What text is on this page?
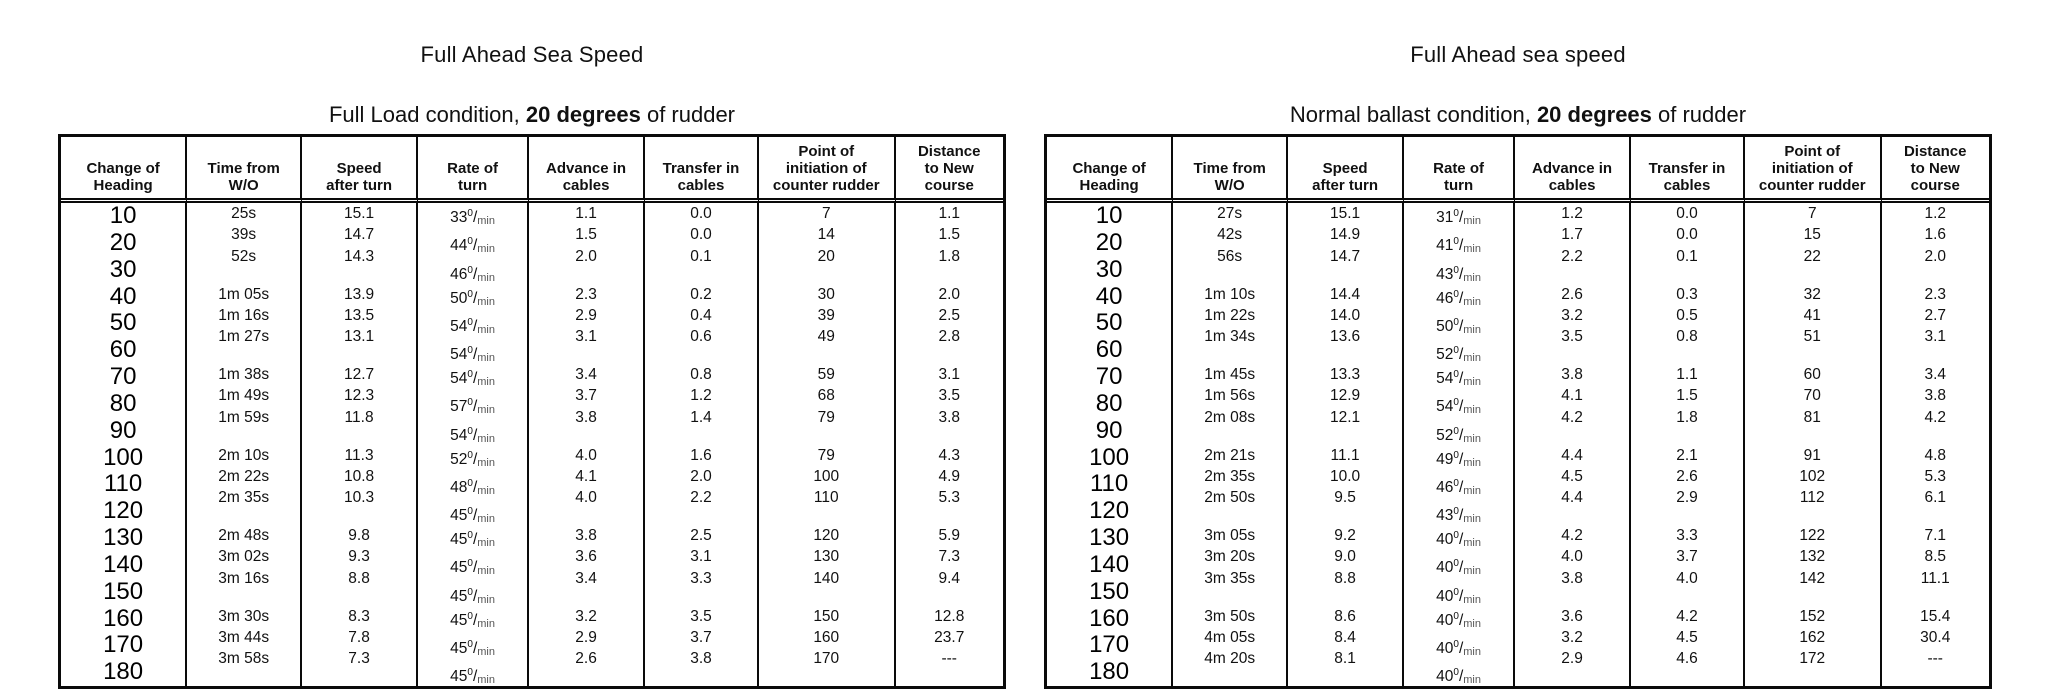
Full Ahead Sea Speed
Full Load condition, 20 degrees of rudder
Change of
Heading
Time from
W/O
Speed
after turn
Rate of
turn
Advance in
cables
Transfer in
cables
Point of
initiation of
counter rudder
Distance
to New
course
10
20
30
25s
39s
52s
15.1
14.7
14.3
$33^0/\min$
$44^0/\min$
$46^0/\min$
1.1
1.5
2.0
0.0
0.0
0.1
7
14
20
1.1
1.5
1.8
40
50
60
1m 05s
1m 16s
1m 27s
13.9
13.5
13.1
$50^0/\min$
$54^0/\min$
$54^0/\min$
2.3
2.9
3.1
0.2
0.4
0.6
30
39
49
2.0
2.5
2.8
70
80
90
1m 38s
1m 49s
1m 59s
12.7
12.3
11.8
$54^0/\min$
$57^0/\min$
$54^0/\min$
3.4
3.7
3.8
0.8
1.2
1.4
59
68
79
3.1
3.5
3.8
100
110
120
2m 10s
2m 22s
2m 35s
11.3
10.8
10.3
$52^0/\min$
$48^0/\min$
$45^0/\min$
4.0
4.1
4.0
1.6
2.0
2.2
79
100
110
4.3
4.9
5.3
130
140
150
2m 48s
3m 02s
3m 16s
9.8
9.3
8.8
$45^0/\min$
$45^0/\min$
$45^0/\min$
3.8
3.6
3.4
2.5
3.1
3.3
120
130
140
5.9
7.3
9.4
160
170
180
3m 30s
3m 44s
3m 58s
8.3
7.8
7.3
$45^0/\min$
$45^0/\min$
$45^0/\min$
3.2
2.9
2.6
3.5
3.7
3.8
150
160
170
12.8
23.7
---
Full Ahead sea speed
Normal ballast condition, 20 degrees of rudder
Change of
Heading
Time from
W/O
Speed
after turn
Rate of
turn
Advance in
cables
Transfer in
cables
Point of
initiation of
counter rudder
Distance
to New
course
10
20
30
27s
42s
56s
15.1
14.9
14.7
$31^0/\min$
$41^0/\min$
$43^0/\min$
1.2
1.7
2.2
0.0
0.0
0.1
7
15
22
1.2
1.6
2.0
40
50
60
1m 10s
1m 22s
1m 34s
14.4
14.0
13.6
$46^0/\min$
$50^0/\min$
$52^0/\min$
2.6
3.2
3.5
0.3
0.5
0.8
32
41
51
2.3
2.7
3.1
70
80
90
1m 45s
1m 56s
2m 08s
13.3
12.9
12.1
$54^0/\min$
$54^0/\min$
$52^0/\min$
3.8
4.1
4.2
1.1
1.5
1.8
60
70
81
3.4
3.8
4.2
100
110
120
2m 21s
2m 35s
2m 50s
11.1
10.0
9.5
$49^0/\min$
$46^0/\min$
$43^0/\min$
4.4
4.5
4.4
2.1
2.6
2.9
91
102
112
4.8
5.3
6.1
130
140
150
3m 05s
3m 20s
3m 35s
9.2
9.0
8.8
$40^0/\min$
$40^0/\min$
$40^0/\min$
4.2
4.0
3.8
3.3
3.7
4.0
122
132
142
7.1
8.5
11.1
160
170
180
3m 50s
4m 05s
4m 20s
8.6
8.4
8.1
$40^0/\min$
$40^0/\min$
$40^0/\min$
3.6
3.2
2.9
4.2
4.5
4.6
152
162
172
15.4
30.4
---
